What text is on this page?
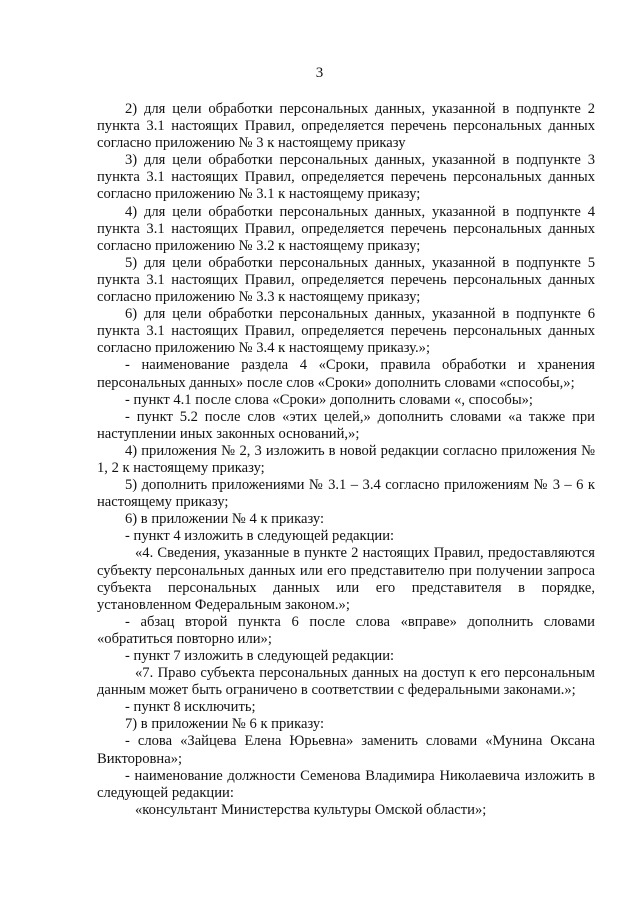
3

2) для цели обработки персональных данных, указанной в подпункте 2 пункта 3.1 настоящих Правил, определяется перечень персональных данных согласно приложению № 3 к настоящему приказу

3) для цели обработки персональных данных, указанной в подпункте 3 пункта 3.1 настоящих Правил, определяется перечень персональных данных согласно приложению № 3.1 к настоящему приказу;

4) для цели обработки персональных данных, указанной в подпункте 4 пункта 3.1 настоящих Правил, определяется перечень персональных данных согласно приложению № 3.2 к настоящему приказу;

5) для цели обработки персональных данных, указанной в подпункте 5 пункта 3.1 настоящих Правил, определяется перечень персональных данных согласно приложению № 3.3 к настоящему приказу;

6) для цели обработки персональных данных, указанной в подпункте 6 пункта 3.1 настоящих Правил, определяется перечень персональных данных согласно приложению № 3.4 к настоящему приказу.»;

- наименование раздела 4 «Сроки, правила обработки и хранения персональных данных» после слов «Сроки» дополнить словами «способы,»;

- пункт 4.1 после слова «Сроки» дополнить словами «, способы»;

- пункт 5.2 после слов «этих целей,» дополнить словами «а также при наступлении иных законных оснований,»;

4) приложения № 2, 3 изложить в новой редакции согласно приложения № 1, 2 к настоящему приказу;

5) дополнить приложениями № 3.1 – 3.4 согласно приложениям № 3 – 6 к настоящему приказу;

6) в приложении № 4 к приказу:

- пункт 4 изложить в следующей редакции:

«4. Сведения, указанные в пункте 2 настоящих Правил, предоставляются субъекту персональных данных или его представителю при получении запроса субъекта персональных данных или его представителя в порядке, установленном Федеральным законом.»;

- абзац второй пункта 6 после слова «вправе» дополнить словами «обратиться повторно или»;

- пункт 7 изложить в следующей редакции:

«7. Право субъекта персональных данных на доступ к его персональным данным может быть ограничено в соответствии с федеральными законами.»;

- пункт 8 исключить;

7) в приложении № 6 к приказу:

- слова «Зайцева Елена Юрьевна» заменить словами «Мунина Оксана Викторовна»;

- наименование должности Семенова Владимира Николаевича изложить в следующей редакции:

«консультант Министерства культуры Омской области»;
